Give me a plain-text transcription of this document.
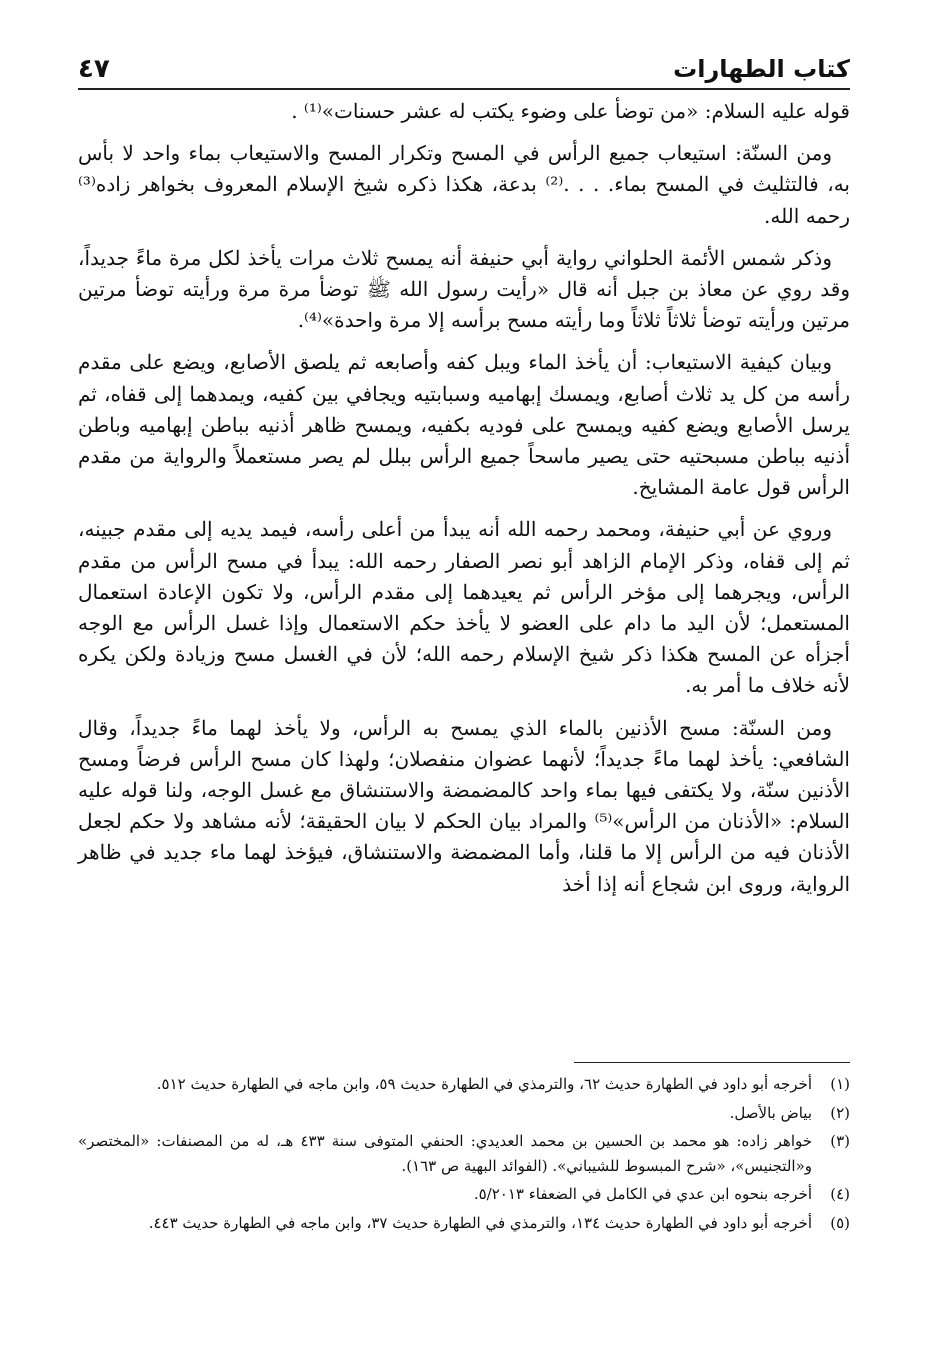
كتاب الطهارات
٤٧

قوله عليه السلام: «من توضأ على وضوء يكتب له عشر حسنات»⁽¹⁾ .

ومن السنّة: استيعاب جميع الرأس في المسح وتكرار المسح والاستيعاب بماء واحد لا بأس به، فالتثليث في المسح بماء. . . .⁽²⁾ بدعة، هكذا ذكره شيخ الإسلام المعروف بخواهر زاده⁽³⁾ رحمه الله.

وذكر شمس الأئمة الحلواني رواية أبي حنيفة أنه يمسح ثلاث مرات يأخذ لكل مرة ماءً جديداً، وقد روي عن معاذ بن جبل أنه قال «رأيت رسول الله ﷺ توضأ مرة مرة ورأيته توضأ مرتين مرتين ورأيته توضأ ثلاثاً ثلاثاً وما رأيته مسح برأسه إلا مرة واحدة»⁽⁴⁾.

وبيان كيفية الاستيعاب: أن يأخذ الماء ويبل كفه وأصابعه ثم يلصق الأصابع، ويضع على مقدم رأسه من كل يد ثلاث أصابع، ويمسك إبهاميه وسبابتيه ويجافي بين كفيه، ويمدهما إلى قفاه، ثم يرسل الأصابع ويضع كفيه ويمسح على فوديه بكفيه، ويمسح ظاهر أذنيه بباطن إبهاميه وباطن أذنيه بباطن مسبحتيه حتى يصير ماسحاً جميع الرأس ببلل لم يصر مستعملاً والرواية من مقدم الرأس قول عامة المشايخ.

وروي عن أبي حنيفة، ومحمد رحمه الله أنه يبدأ من أعلى رأسه، فيمد يديه إلى مقدم جبينه، ثم إلى قفاه، وذكر الإمام الزاهد أبو نصر الصفار رحمه الله: يبدأ في مسح الرأس من مقدم الرأس، ويجرهما إلى مؤخر الرأس ثم يعيدهما إلى مقدم الرأس، ولا تكون الإعادة استعمال المستعمل؛ لأن اليد ما دام على العضو لا يأخذ حكم الاستعمال وإذا غسل الرأس مع الوجه أجزأه عن المسح هكذا ذكر شيخ الإسلام رحمه الله؛ لأن في الغسل مسح وزيادة ولكن يكره لأنه خلاف ما أمر به.

ومن السنّة: مسح الأذنين بالماء الذي يمسح به الرأس، ولا يأخذ لهما ماءً جديداً، وقال الشافعي: يأخذ لهما ماءً جديداً؛ لأنهما عضوان منفصلان؛ ولهذا كان مسح الرأس فرضاً ومسح الأذنين سنّة، ولا يكتفى فيها بماء واحد كالمضمضة والاستنشاق مع غسل الوجه، ولنا قوله عليه السلام: «الأذنان من الرأس»⁽⁵⁾ والمراد بيان الحكم لا بيان الحقيقة؛ لأنه مشاهد ولا حكم لجعل الأذنان فيه من الرأس إلا ما قلنا، وأما المضمضة والاستنشاق، فيؤخذ لهما ماء جديد في ظاهر الرواية، وروى ابن شجاع أنه إذا أخذ

(١)
أخرجه أبو داود في الطهارة حديث ٦٢، والترمذي في الطهارة حديث ٥٩، وابن ماجه في الطهارة حديث ٥١٢.
(٢)
بياض بالأصل.
(٣)
خواهر زاده: هو محمد بن الحسين بن محمد العديدي: الحنفي المتوفى سنة ٤٣٣ هـ، له من المصنفات: «المختصر» و«التجنيس»، «شرح المبسوط للشيباني». (الفوائد البهية ص ١٦٣).
(٤)
أخرجه بنحوه ابن عدي في الكامل في الضعفاء ٥/٢٠١٣.
(٥)
أخرجه أبو داود في الطهارة حديث ١٣٤، والترمذي في الطهارة حديث ٣٧، وابن ماجه في الطهارة حديث ٤٤٣.
